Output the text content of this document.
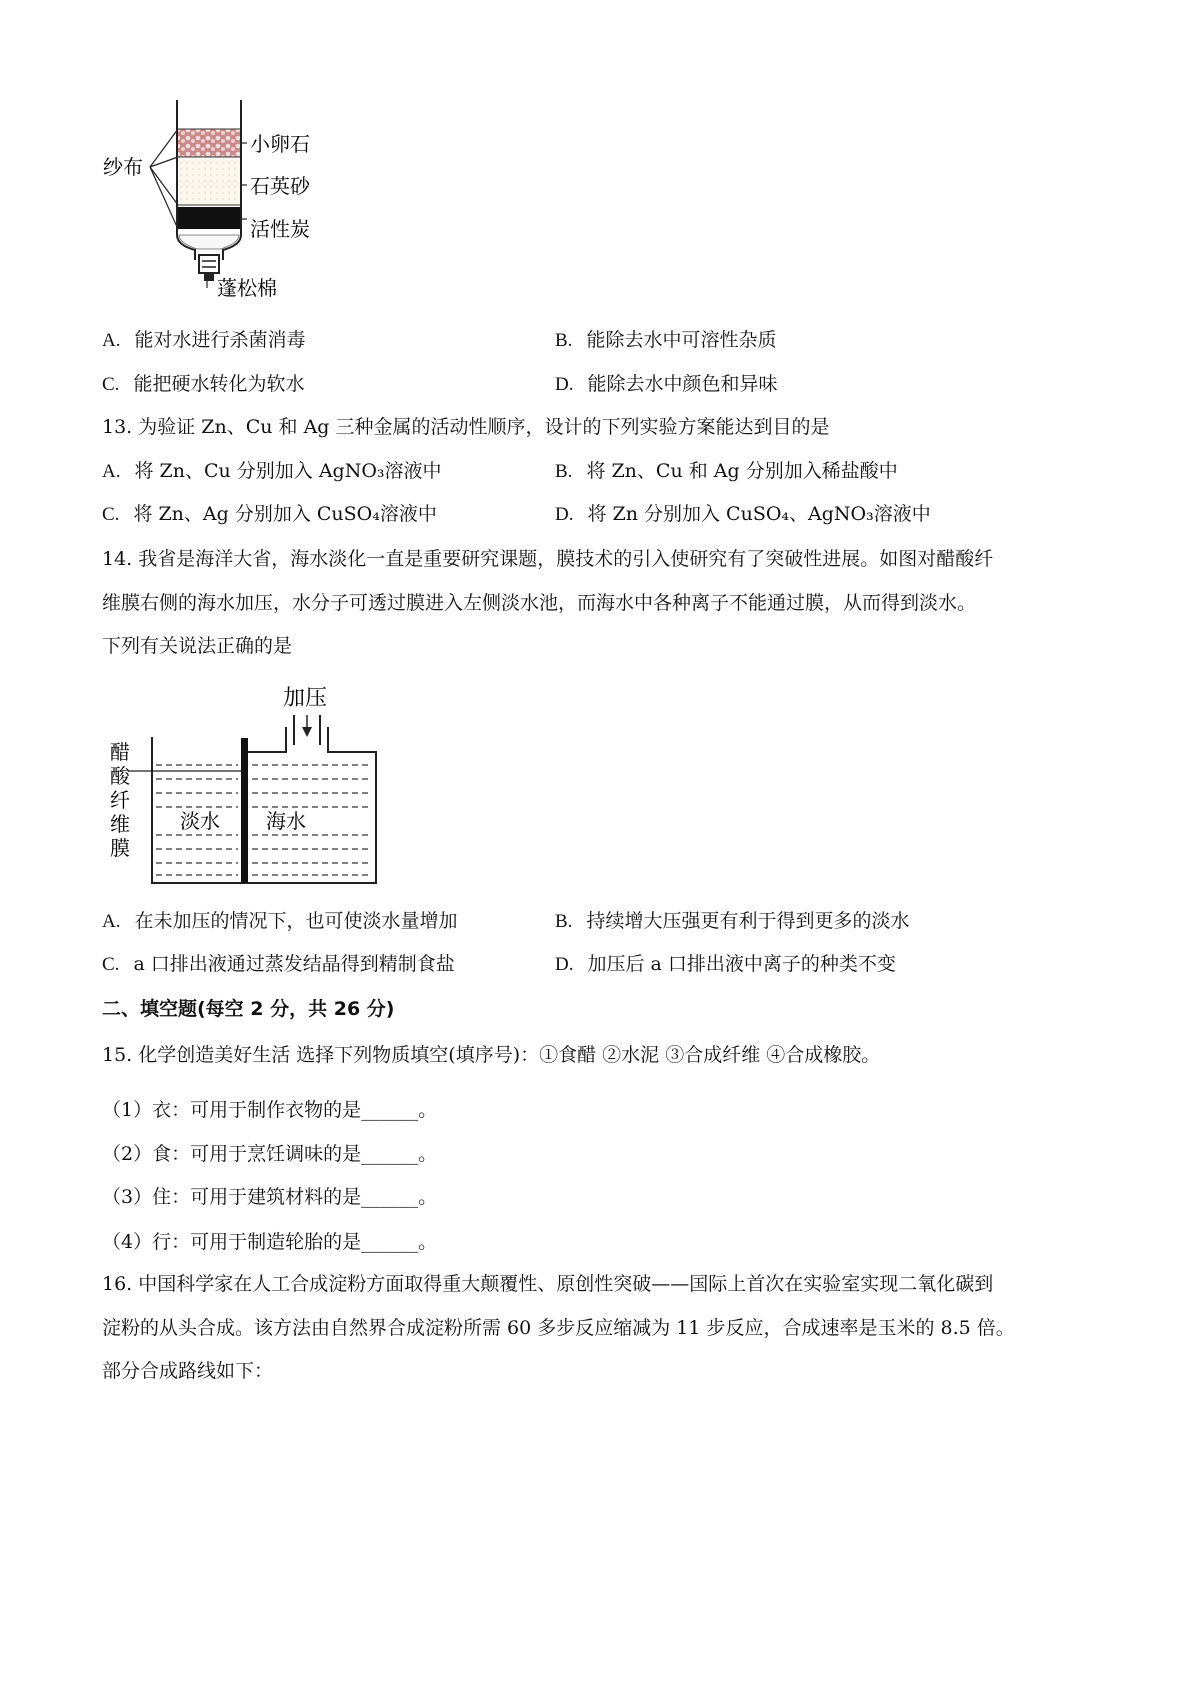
纱布
小卵石
石英砂
活性炭
蓬松棉
A. 能对水进行杀菌消毒	B. 能除去水中可溶性杂质
C. 能把硬水转化为软水	D. 能除去水中颜色和异味
13. 为验证 Zn、Cu 和 Ag 三种金属的活动性顺序，设计的下列实验方案能达到目的是
A. 将 Zn、Cu 分别加入 AgNO₃溶液中	B. 将 Zn、Cu 和 Ag 分别加入稀盐酸中
C. 将 Zn、Ag 分别加入 CuSO₄溶液中	D. 将 Zn 分别加入 CuSO₄、AgNO₃溶液中
14. 我省是海洋大省，海水淡化一直是重要研究课题，膜技术的引入使研究有了突破性进展。如图对醋酸纤
维膜右侧的海水加压，水分子可透过膜进入左侧淡水池，而海水中各种离子不能通过膜，从而得到淡水。
下列有关说法正确的是
加压
醋
酸
纤
维
膜
淡水 海水
A. 在未加压的情况下，也可使淡水量增加	B. 持续增大压强更有利于得到更多的淡水
C. a 口排出液通过蒸发结晶得到精制食盐	D. 加压后 a 口排出液中离子的种类不变
二、填空题(每空 2 分，共 26 分)
15. 化学创造美好生活 选择下列物质填空(填序号)：①食醋 ②水泥 ③合成纤维 ④合成橡胶。
（1）衣：可用于制作衣物的是______。
（2）食：可用于烹饪调味的是______。
（3）住：可用于建筑材料的是______。
（4）行：可用于制造轮胎的是______。
16. 中国科学家在人工合成淀粉方面取得重大颠覆性、原创性突破——国际上首次在实验室实现二氧化碳到
淀粉的从头合成。该方法由自然界合成淀粉所需 60 多步反应缩减为 11 步反应，合成速率是玉米的 8.5 倍。
部分合成路线如下：
